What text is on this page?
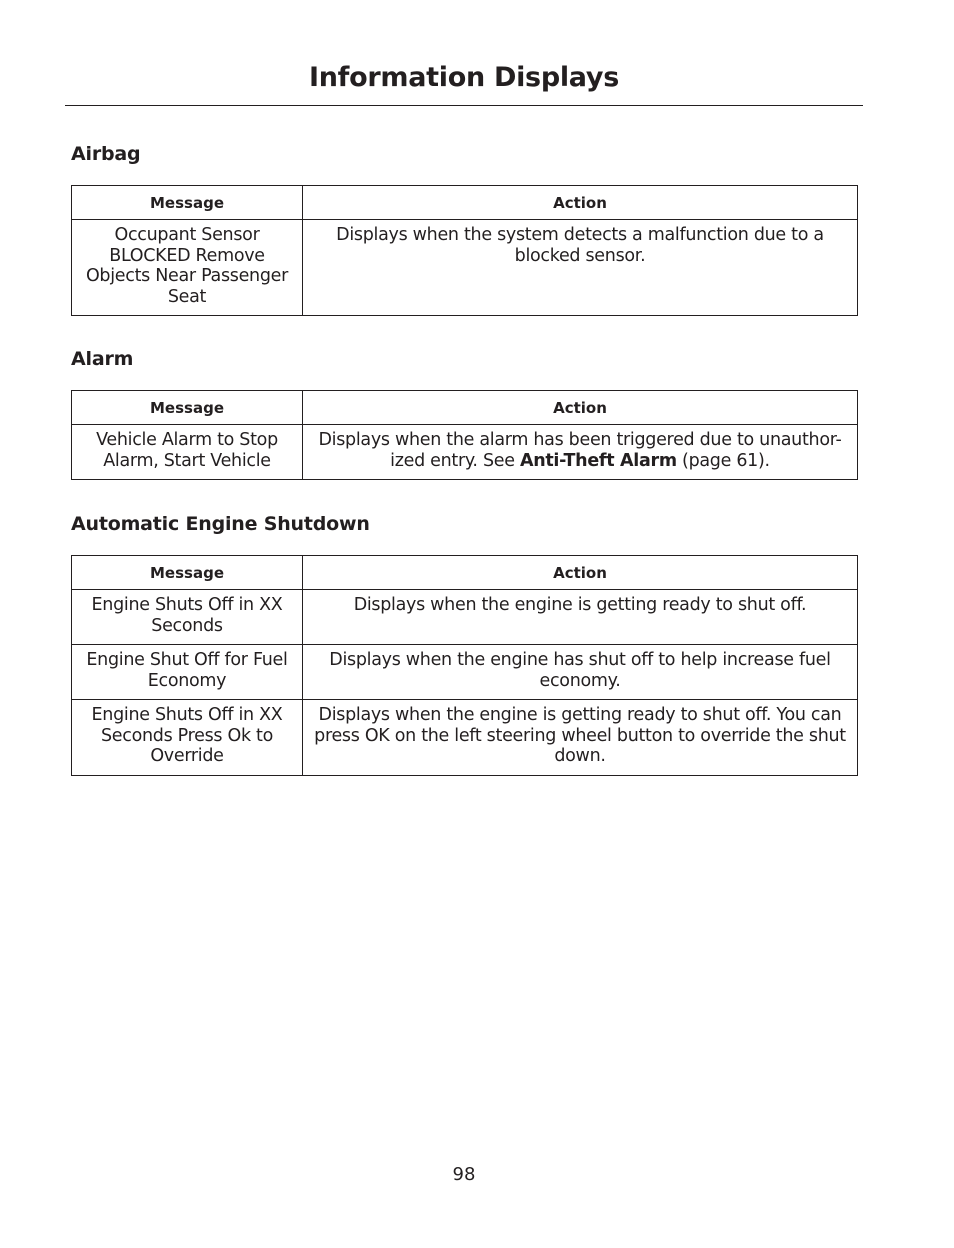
Information Displays
Airbag
Message	Action
Occupant Sensor BLOCKED Remove Objects Near Passenger Seat	Displays when the system detects a malfunction due to a blocked sensor.
Alarm
Message	Action
Vehicle Alarm to Stop Alarm, Start Vehicle	Displays when the alarm has been triggered due to unauthor-ized entry. See Anti-Theft Alarm (page 61).
Automatic Engine Shutdown
Message	Action
Engine Shuts Off in XX Seconds	Displays when the engine is getting ready to shut off.
Engine Shut Off for Fuel Economy	Displays when the engine has shut off to help increase fuel economy.
Engine Shuts Off in XX Seconds Press Ok to Override	Displays when the engine is getting ready to shut off. You can press OK on the left steering wheel button to override the shut down.
98
